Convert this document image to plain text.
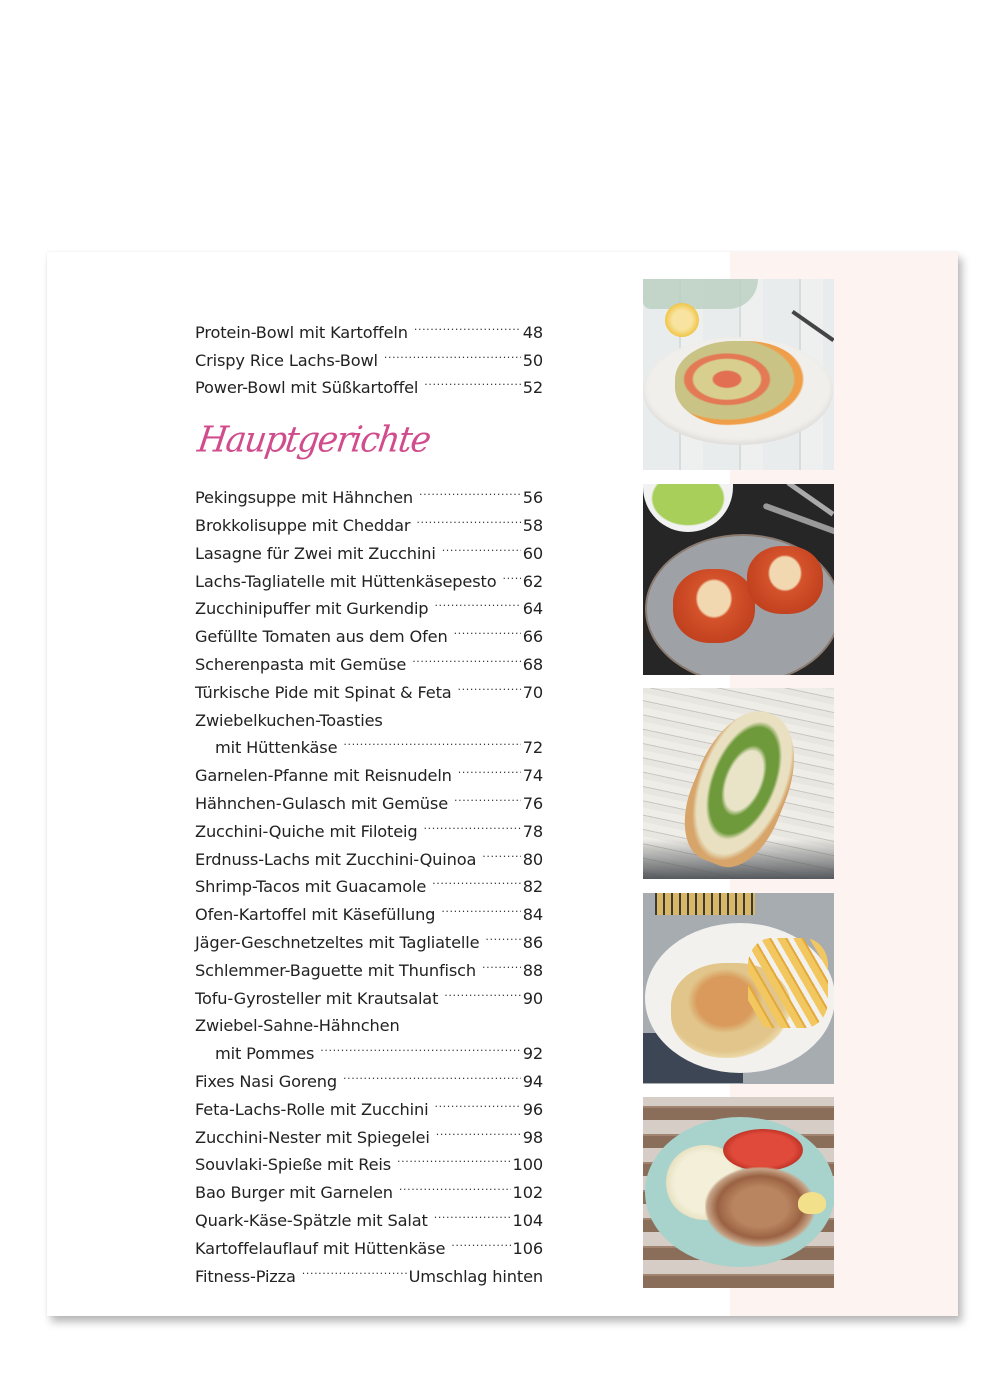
Protein-Bowl mit Kartoffeln .....	48
Crispy Rice Lachs-Bowl .....	50
Power-Bowl mit Süßkartoffel .....	52
Hauptgerichte
Pekingsuppe mit Hähnchen .....	56
Brokkolisuppe mit Cheddar .....	58
Lasagne für Zwei mit Zucchini .....	60
Lachs-Tagliatelle mit Hüttenkäsepesto ..... 62
Zucchinipuffer mit Gurkendip .....	64
Gefüllte Tomaten aus dem Ofen .....	66
Scherenpasta mit Gemüse .....	68
Türkische Pide mit Spinat & Feta .....	70
Zwiebelkuchen-Toasties
mit Hüttenkäse .....	72
Garnelen-Pfanne mit Reisnudeln .....	74
Hähnchen-Gulasch mit Gemüse .....	76
Zucchini-Quiche mit Filoteig .....	78
Erdnuss-Lachs mit Zucchini-Quinoa .....	80
Shrimp-Tacos mit Guacamole .....	82
Ofen-Kartoffel mit Käsefüllung .....	84
Jäger-Geschnetzeltes mit Tagliatelle .....	86
Schlemmer-Baguette mit Thunfisch .....	88
Tofu-Gyrosteller mit Krautsalat .....	90
Zwiebel-Sahne-Hähnchen
mit Pommes .....	92
Fixes Nasi Goreng .....	94
Feta-Lachs-Rolle mit Zucchini .....	96
Zucchini-Nester mit Spiegelei .....	98
Souvlaki-Spieße mit Reis .....	100
Bao Burger mit Garnelen .....	102
Quark-Käse-Spätzle mit Salat .....	104
Kartoffelauflauf mit Hüttenkäse .....	106
Fitness-Pizza .....	Umschlag hinten
